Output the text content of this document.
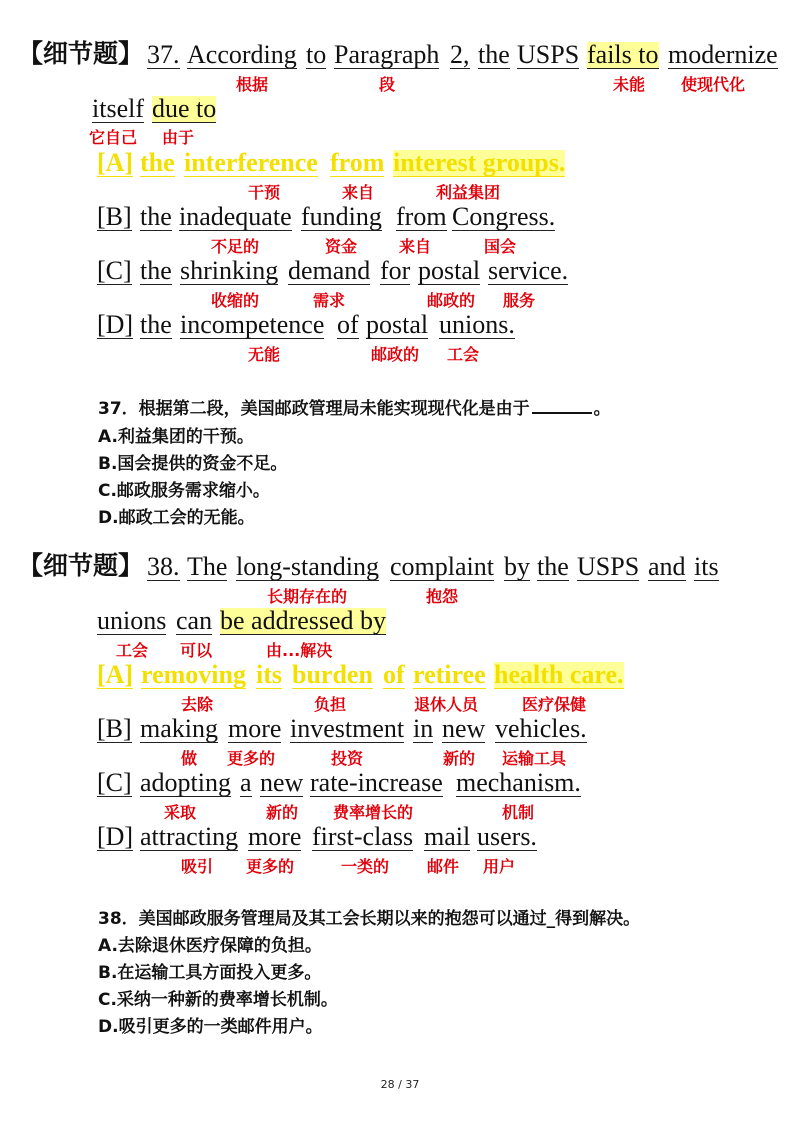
【细节题】 37. According to Paragraph 2, the USPS fails to modernize
itself due to
根据	段	未能 使现代化
它自己 由于
[A] the interference from interest groups.
干预	来自	利益集团
[B] the inadequate funding from Congress.
不足的	资金	来自	国会
[C] the shrinking demand for postal service.
收缩的	需求	邮政的 服务
[D] the incompetence of postal unions.
无能	邮政的 工会
37．根据第二段，美国邮政管理局未能实现现代化是由于	。
A.利益集团的干预。
B.国会提供的资金不足。
C.邮政服务需求缩小。
D.邮政工会的无能。
【细节题】 38. The long-standing complaint by the USPS and its
unions can be addressed by
长期存在的	抱怨
工会 可以	由...解决
[A] removing its burden of retiree health care.
去除	负担	退休人员	医疗保健
[B] making more investment in new vehicles.
做 更多的	投资	新的 运输工具
[C] adopting a new rate-increase mechanism.
采取	新的 费率增长的	机制
[D] attracting more first-class mail users.
吸引 更多的	一类的 邮件 用户
38．美国邮政服务管理局及其工会长期以来的抱怨可以通过_得到解决。
A.去除退休医疗保障的负担。
B.在运输工具方面投入更多。
C.采纳一种新的费率增长机制。
D.吸引更多的一类邮件用户。
28 / 37
